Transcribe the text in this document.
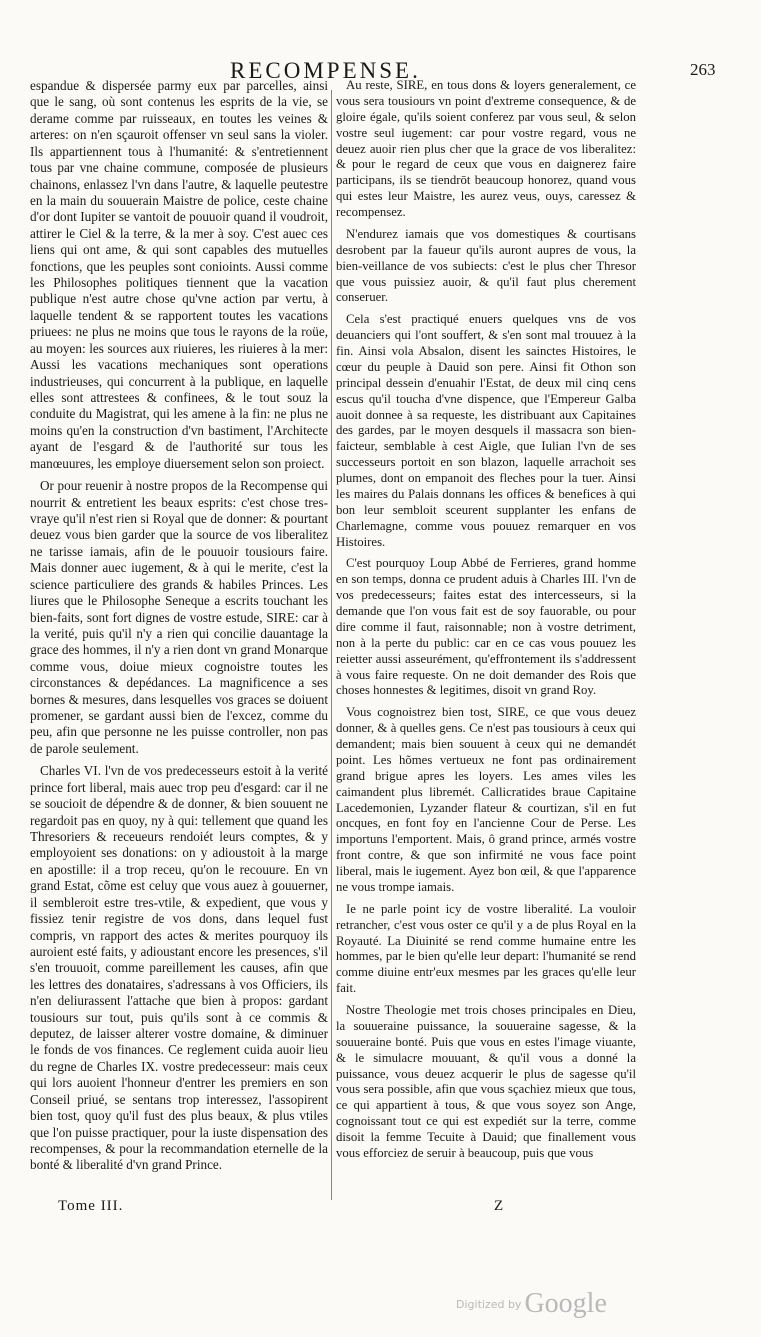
RECOMPENSE.	263

espandue & dispersée parmy eux par parcelles, ainsi que le sang, où sont contenus les esprits de la vie, se derame comme par ruisseaux, en toutes les veines & arteres: on n'en sçauroit offenser vn seul sans la violer. Ils appartiennent tous à l'humanité: & s'entretiennent tous par vne chaine commune, composée de plusieurs chainons, enlassez l'vn dans l'autre, & laquelle peutestre en la main du souuerain Maistre de police, ceste chaine d'or dont Iupiter se vantoit de pouuoir quand il voudroit, attirer le Ciel & la terre, & la mer à soy. C'est auec ces liens qui ont ame, & qui sont capables des mutuelles fonctions, que les peuples sont conioints. Aussi comme les Philosophes politiques tiennent que la vacation publique n'est autre chose qu'vne action par vertu, à laquelle tendent & se rapportent toutes les vacations priuees: ne plus ne moins que tous le rayons de la roüe, au moyen: les sources aux riuieres, les riuieres à la mer: Aussi les vacations mechaniques sont operations industrieuses, qui concurrent à la publique, en laquelle elles sont attrestees & confinees, & le tout souz la conduite du Magistrat, qui les amene à la fin: ne plus ne moins qu'en la construction d'vn bastiment, l'Architecte ayant de l'esgard & de l'authorité sur tous les manœuures, les employe diuersement selon son proiect.

Or pour reuenir à nostre propos de la Recompense qui nourrit & entretient les beaux esprits: c'est chose tres-vraye qu'il n'est rien si Royal que de donner: & pourtant deuez vous bien garder que la source de vos liberalitez ne tarisse iamais, afin de le pouuoir tousiours faire. Mais donner auec iugement, & à qui le merite, c'est la science particuliere des grands & habiles Princes. Les liures que le Philosophe Seneque a escrits touchant les bien-faits, sont fort dignes de vostre estude, SIRE: car à la verité, puis qu'il n'y a rien qui concilie dauantage la grace des hommes, il n'y a rien dont vn grand Monarque comme vous, doiue mieux cognoistre toutes les circonstances & depédances. La magnificence a ses bornes & mesures, dans lesquelles vos graces se doiuent promener, se gardant aussi bien de l'excez, comme du peu, afin que personne ne les puisse controller, non pas de parole seulement.

Charles VI. l'vn de vos predecesseurs estoit à la verité prince fort liberal, mais auec trop peu d'esgard: car il ne se soucioit de dépendre & de donner, & bien souuent ne regardoit pas en quoy, ny à qui: tellement que quand les Thresoriers & receueurs rendoiét leurs comptes, & y employoient ses donations: on y adioustoit à la marge en apostille: il a trop receu, qu'on le recouure. En vn grand Estat, cõme est celuy que vous auez à gouuerner, il sembleroit estre tres-vtile, & expedient, que vous y fissiez tenir registre de vos dons, dans lequel fust compris, vn rapport des actes & merites pourquoy ils auroient esté faits, y adioustant encore les presences, s'il s'en trouuoit, comme pareillement les causes, afin que les lettres des donataires, s'adressans à vos Officiers, ils n'en deliurassent l'attache que bien à propos: gardant tousiours sur tout, puis qu'ils sont à ce commis & deputez, de laisser alterer vostre domaine, & diminuer le fonds de vos finances. Ce reglement cuida auoir lieu du regne de Charles IX. vostre predecesseur: mais ceux qui lors auoient l'honneur d'entrer les premiers en son Conseil priué, se sentans trop interessez, l'assopirent bien tost, quoy qu'il fust des plus beaux, & plus vtiles que l'on puisse practiquer, pour la iuste dispensation des recompenses, & pour la recommandation eternelle de la bonté & liberalité d'vn grand Prince.

Au reste, SIRE, en tous dons & loyers generalement, ce vous sera tousiours vn point d'extreme consequence, & de gloire égale, qu'ils soient conferez par vous seul, & selon vostre seul iugement: car pour vostre regard, vous ne deuez auoir rien plus cher que la grace de vos liberalitez: & pour le regard de ceux que vous en daignerez faire participans, ils se tiendrōt beaucoup honorez, quand vous qui estes leur Maistre, les aurez veus, ouys, caressez & recompensez.

N'endurez iamais que vos domestiques & courtisans desrobent par la faueur qu'ils auront aupres de vous, la bien-veillance de vos subiects: c'est le plus cher Thresor que vous puissiez auoir, & qu'il faut plus cherement conseruer.

Cela s'est practiqué enuers quelques vns de vos deuanciers qui l'ont souffert, & s'en sont mal trouuez à la fin. Ainsi vola Absalon, disent les sainctes Histoires, le cœur du peuple à Dauid son pere. Ainsi fit Othon son principal dessein d'enuahir l'Estat, de deux mil cinq cens escus qu'il toucha d'vne dispence, que l'Empereur Galba auoit donnee à sa requeste, les distribuant aux Capitaines des gardes, par le moyen desquels il massacra son bien-faicteur, semblable à cest Aigle, que Iulian l'vn de ses successeurs portoit en son blazon, laquelle arrachoit ses plumes, dont on empanoit des fleches pour la tuer. Ainsi les maires du Palais donnans les offices & benefices à qui bon leur sembloit sceurent supplanter les enfans de Charlemagne, comme vous pouuez remarquer en vos Histoires.

C'est pourquoy Loup Abbé de Ferrieres, grand homme en son temps, donna ce prudent aduis à Charles III. l'vn de vos predecesseurs; faites estat des intercesseurs, si la demande que l'on vous fait est de soy fauorable, ou pour dire comme il faut, raisonnable; non à vostre detriment, non à la perte du public: car en ce cas vous pouuez les reietter aussi asseurément, qu'effrontement ils s'addressent à vous faire requeste. On ne doit demander des Rois que choses honnestes & legitimes, disoit vn grand Roy.

Vous cognoistrez bien tost, SIRE, ce que vous deuez donner, & à quelles gens. Ce n'est pas tousiours à ceux qui demandent; mais bien souuent à ceux qui ne demandét point. Les hõmes vertueux ne font pas ordinairement grand brigue apres les loyers. Les ames viles les caimandent plus libremét. Callicratides braue Capitaine Lacedemonien, Lyzander flateur & courtizan, s'il en fut oncques, en font foy en l'ancienne Cour de Perse. Les importuns l'emportent. Mais, ô grand prince, armés vostre front contre, & que son infirmité ne vous face point liberal, mais le iugement. Ayez bon œil, & que l'apparence ne vous trompe iamais.

Ie ne parle point icy de vostre liberalité. La vouloir retrancher, c'est vous oster ce qu'il y a de plus Royal en la Royauté. La Diuinité se rend comme humaine entre les hommes, par le bien qu'elle leur depart: l'humanité se rend comme diuine entr'eux mesmes par les graces qu'elle leur fait.

Nostre Theologie met trois choses principales en Dieu, la souueraine puissance, la souueraine sagesse, & la souueraine bonté. Puis que vous en estes l'image viuante, & le simulacre mouuant, & qu'il vous a donné la puissance, vous deuez acquerir le plus de sagesse qu'il vous sera possible, afin que vous sçachiez mieux que tous, ce qui appartient à tous, & que vous soyez son Ange, cognoissant tout ce qui est expediét sur la terre, comme disoit la femme Tecuite à Dauid; que finallement vous vous efforciez de seruir à beaucoup, puis que vous

Tome III.	Z
$^{Digitized by}$ Google
